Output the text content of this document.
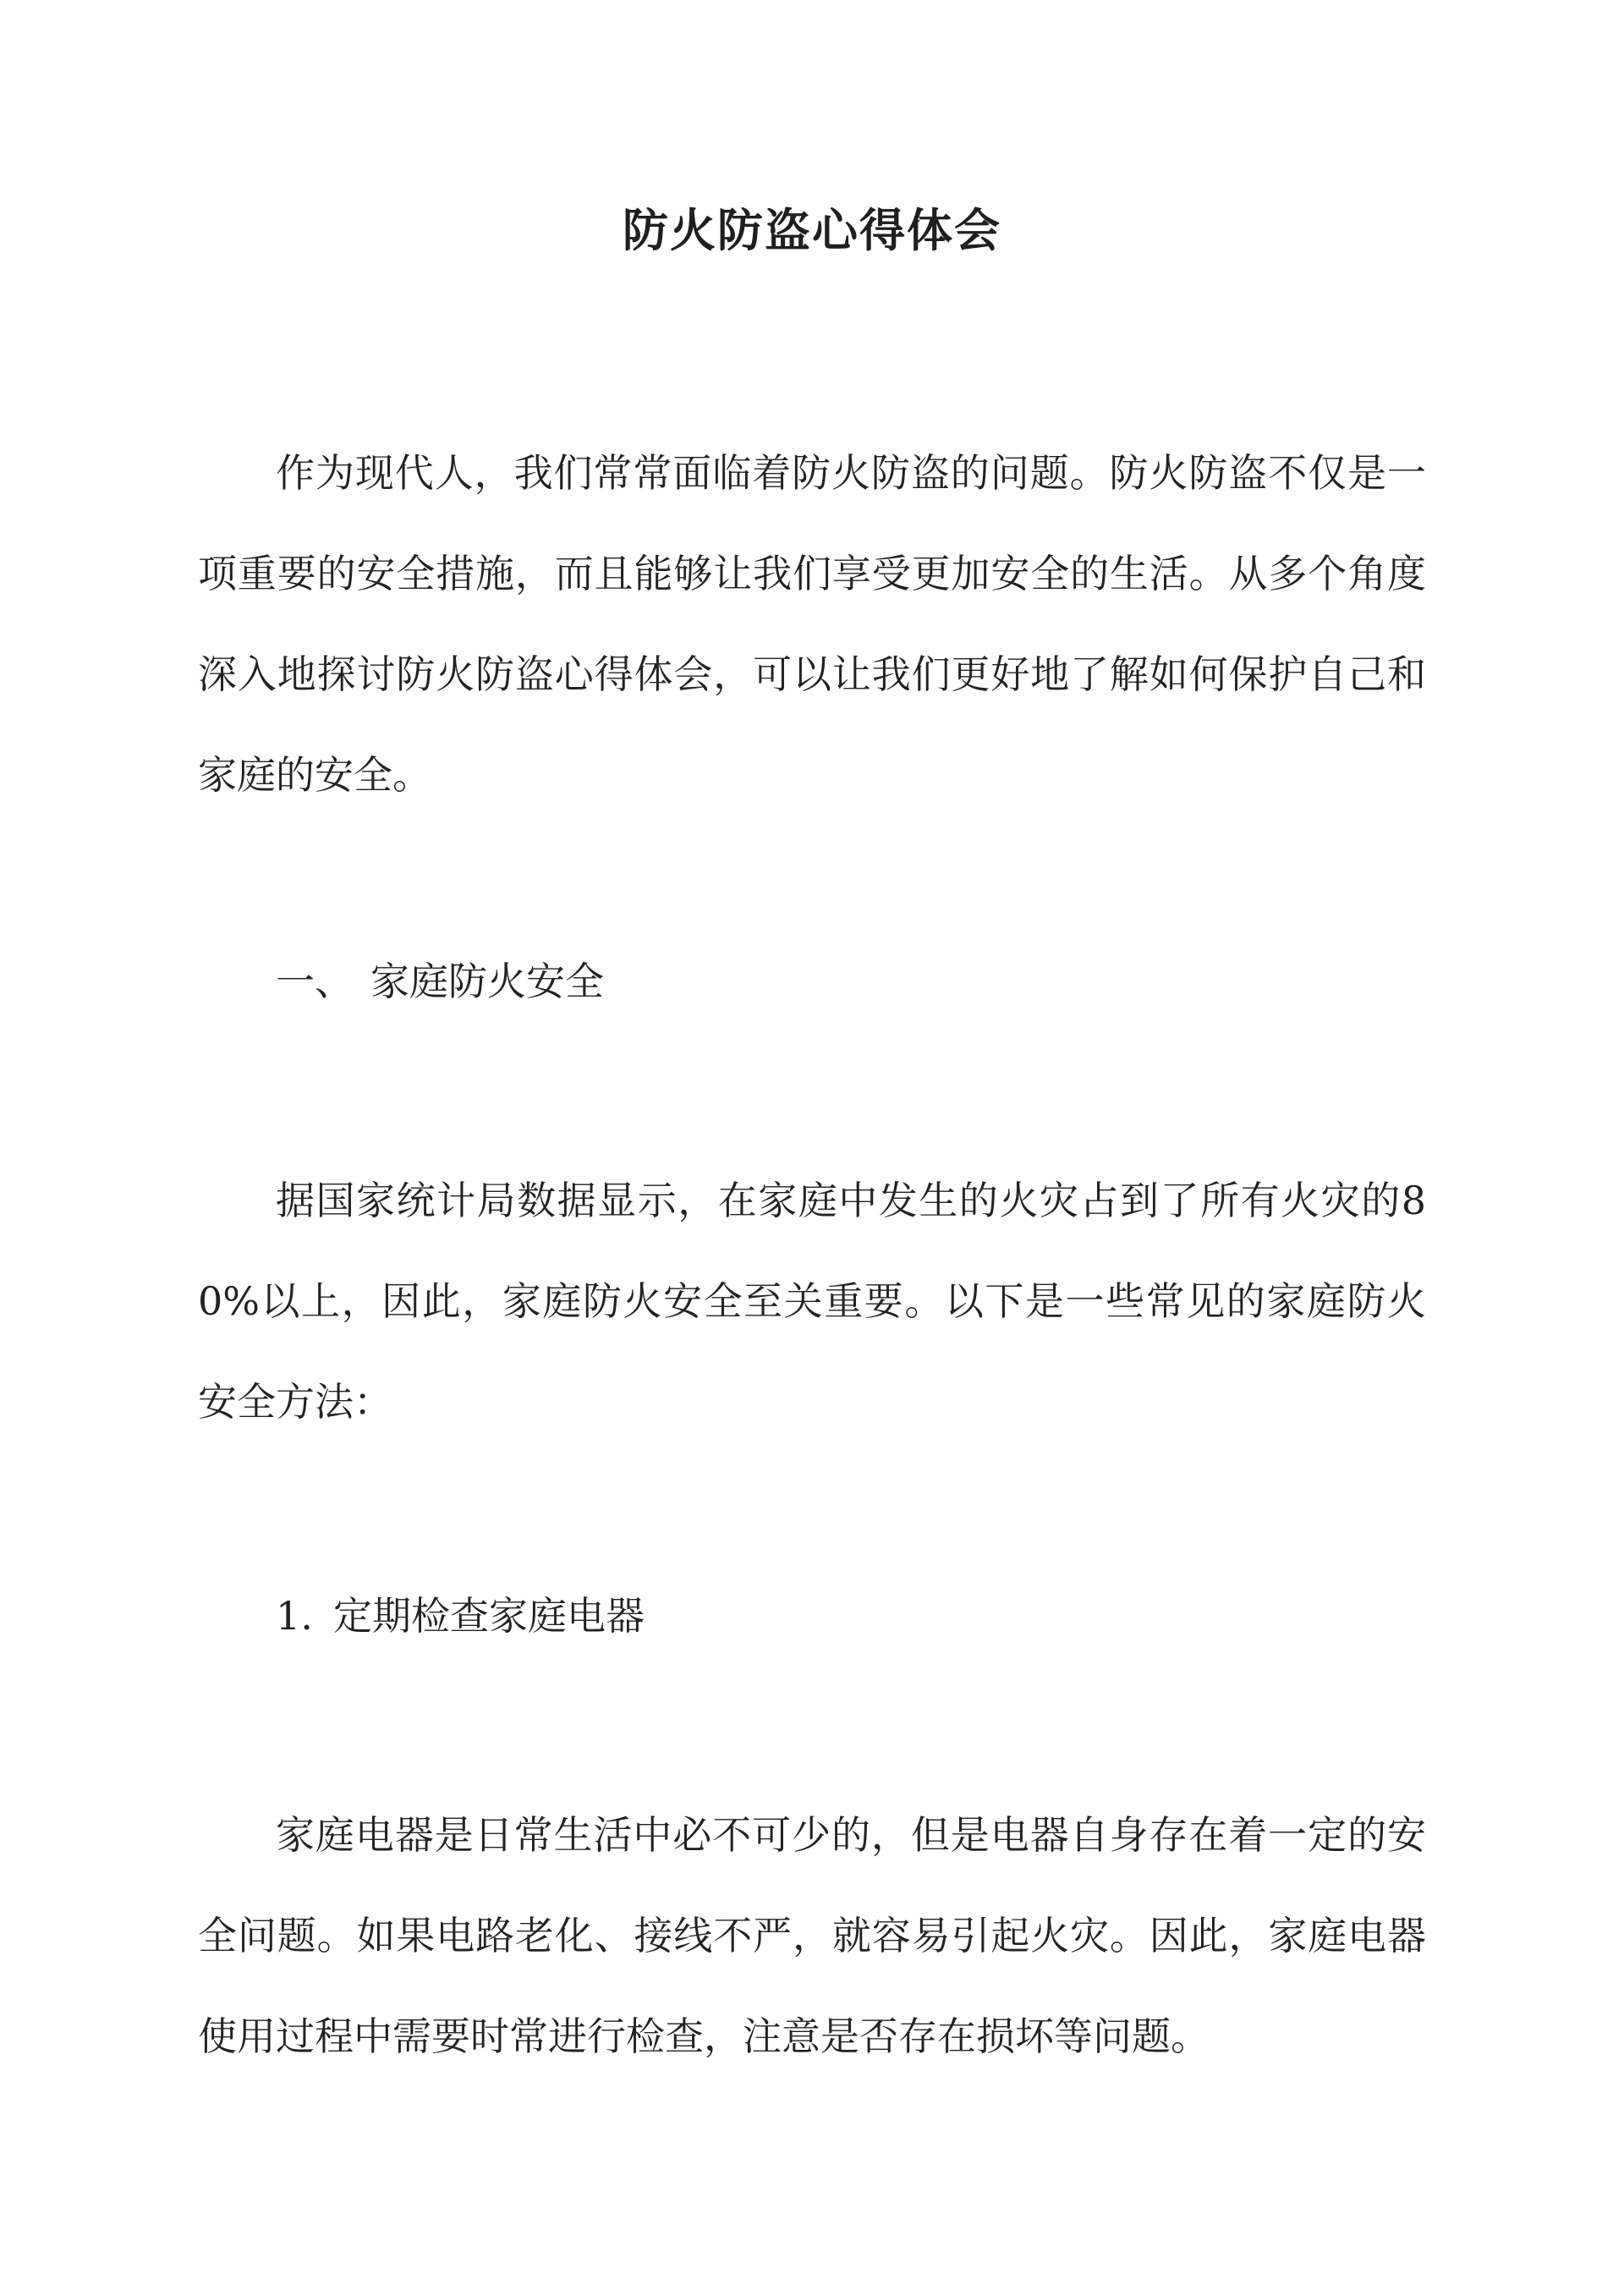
防火防盗心得体会

作为现代人，我们常常面临着防火防盗的问题。防火防盗不仅是一项重要的安全措施，而且能够让我们享受更加安全的生活。从多个角度深入地探讨防火防盗心得体会，可以让我们更好地了解如何保护自己和家庭的安全。

一、 家庭防火安全

据国家统计局数据显示，在家庭中发生的火灾占到了所有火灾的80%以上，因此，家庭防火安全至关重要。以下是一些常见的家庭防火安全方法：

1. 定期检查家庭电器

家庭电器是日常生活中必不可少的，但是电器自身存在着一定的安全问题。如果电路老化、接线不严，就容易引起火灾。因此，家庭电器使用过程中需要时常进行检查，注意是否存在损坏等问题。
